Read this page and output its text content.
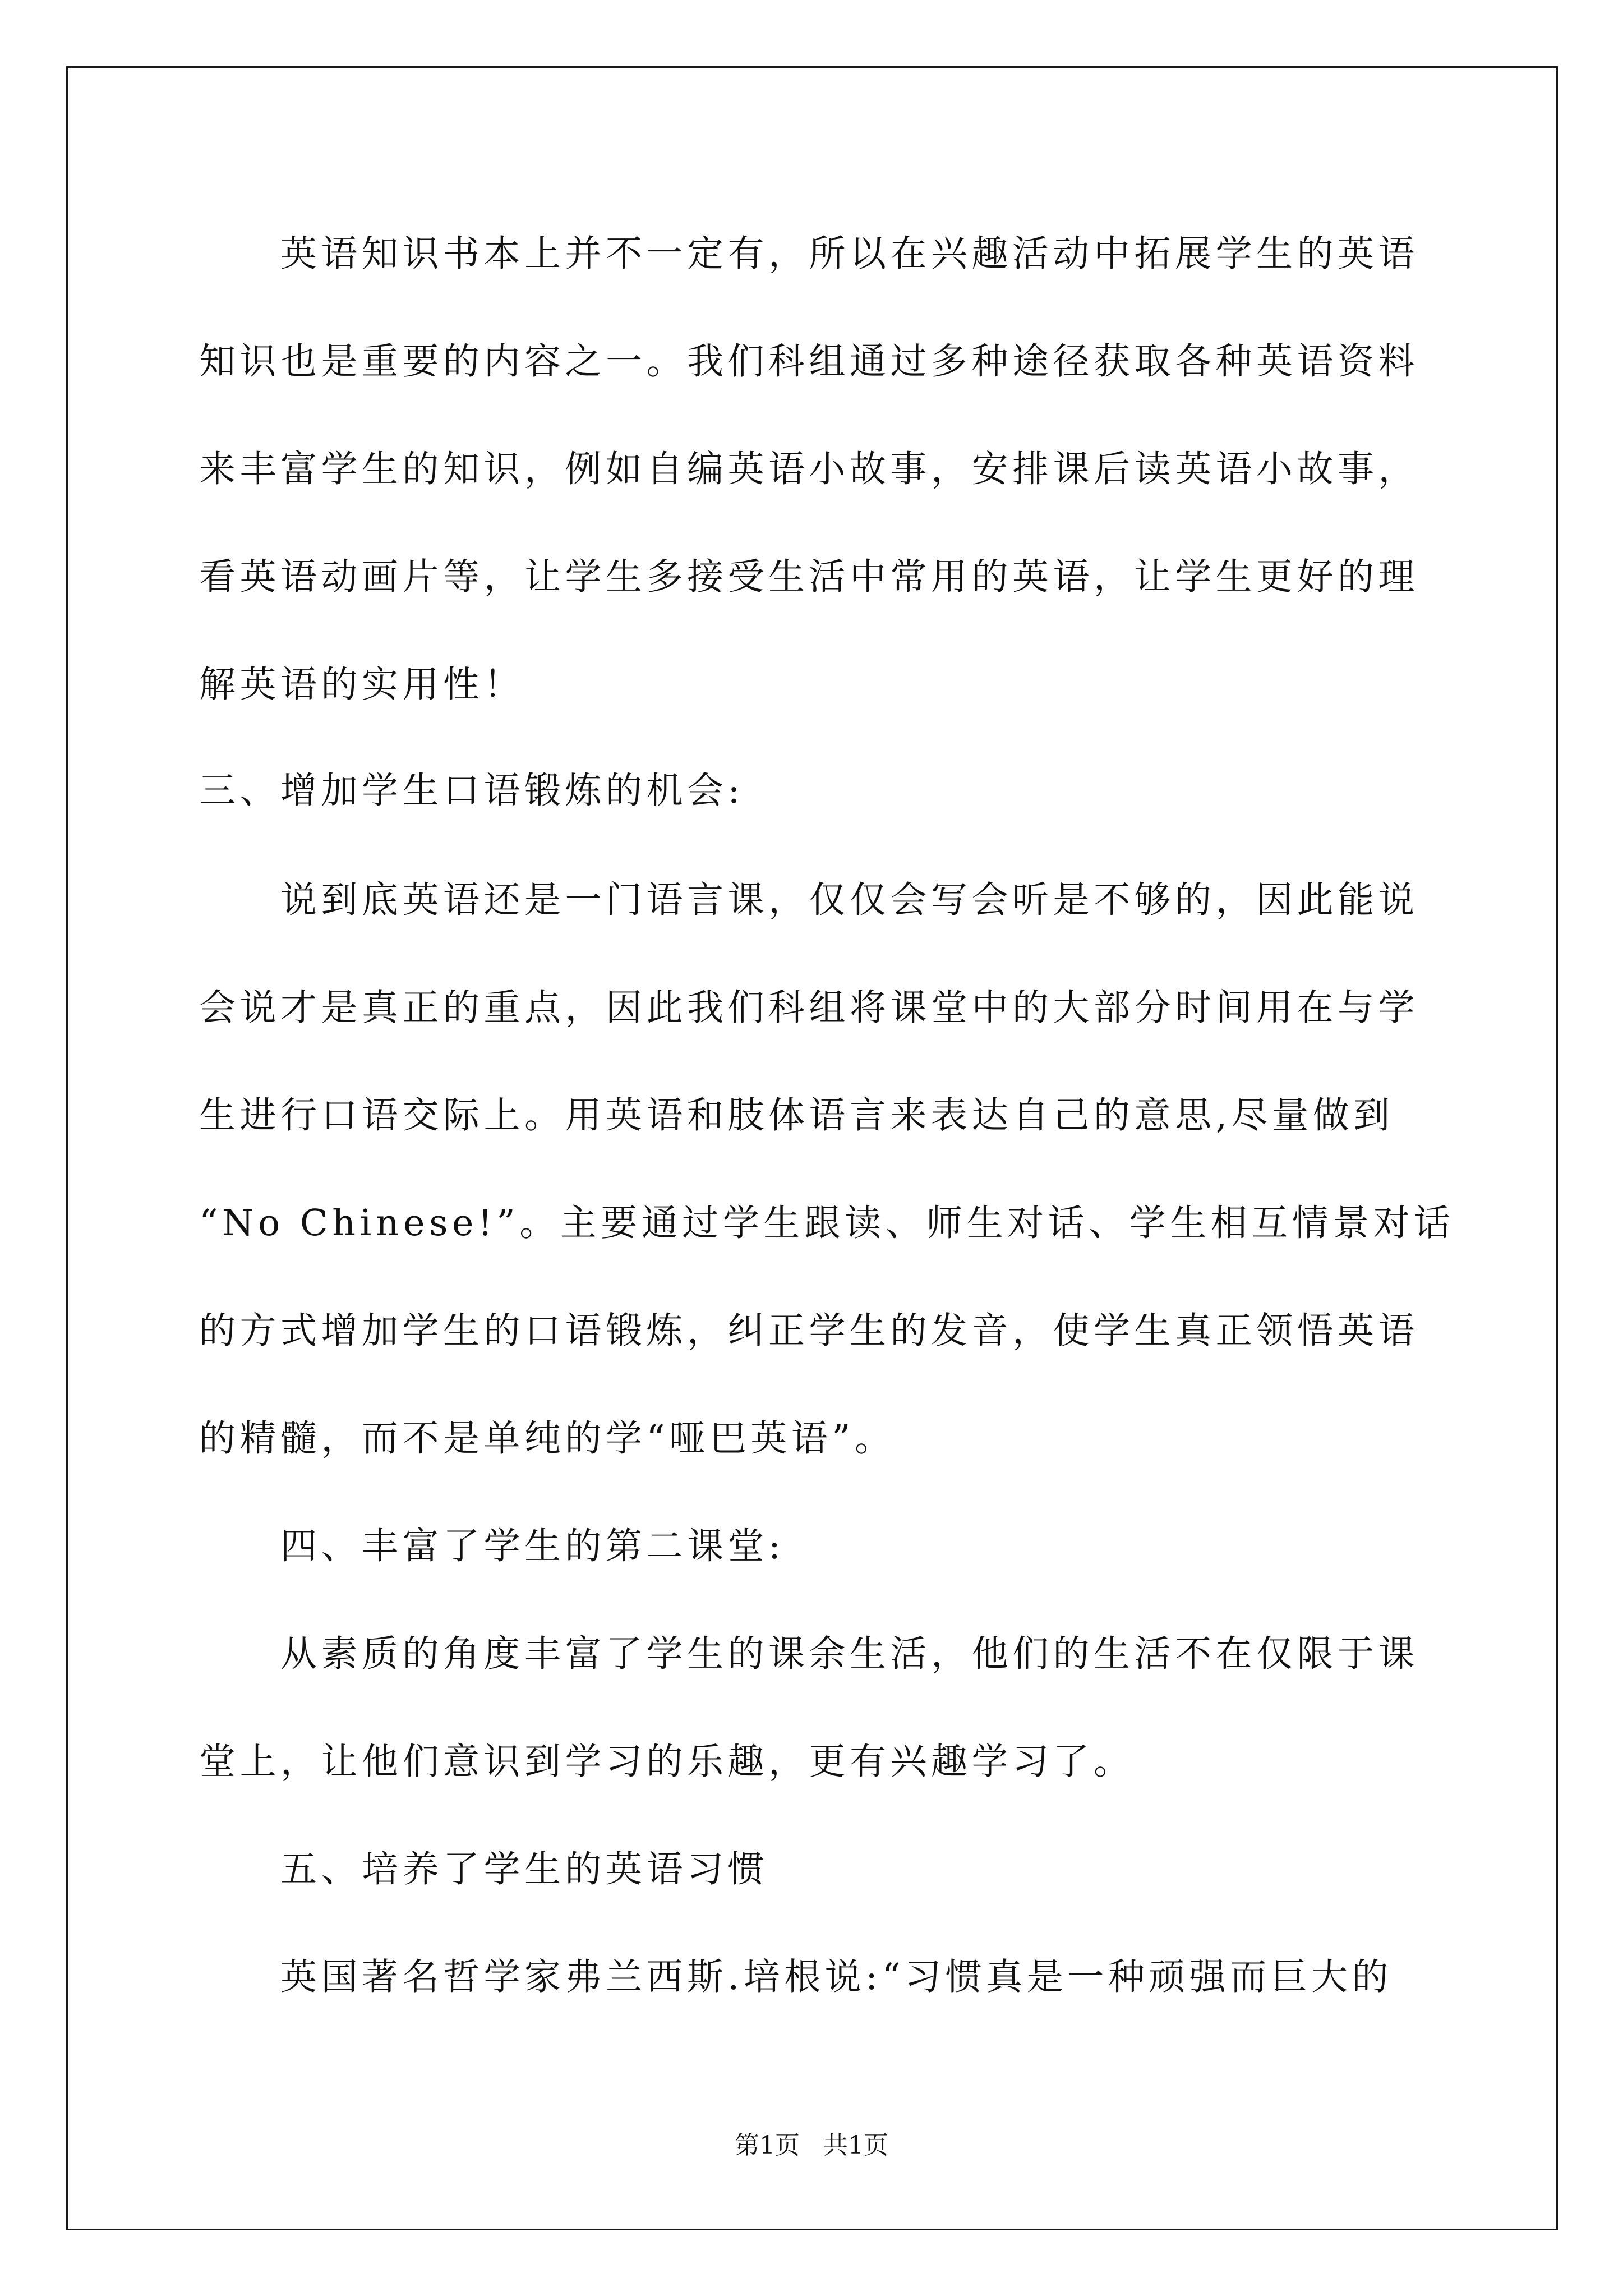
　　英语知识书本上并不一定有，所以在兴趣活动中拓展学生的英语
知识也是重要的内容之一。我们科组通过多种途径获取各种英语资料
来丰富学生的知识，例如自编英语小故事，安排课后读英语小故事，
看英语动画片等，让学生多接受生活中常用的英语，让学生更好的理
解英语的实用性！
三、增加学生口语锻炼的机会:
　　说到底英语还是一门语言课，仅仅会写会听是不够的，因此能说
会说才是真正的重点，因此我们科组将课堂中的大部分时间用在与学
生进行口语交际上。用英语和肢体语言来表达自己的意思,尽量做到
“No Chinese!”。主要通过学生跟读、师生对话、学生相互情景对话
的方式增加学生的口语锻炼，纠正学生的发音，使学生真正领悟英语
的精髓，而不是单纯的学“哑巴英语”。
　　四、丰富了学生的第二课堂:
　　从素质的角度丰富了学生的课余生活，他们的生活不在仅限于课
堂上，让他们意识到学习的乐趣，更有兴趣学习了。
　　五、培养了学生的英语习惯
　　英国著名哲学家弗兰西斯.培根说:“习惯真是一种顽强而巨大的
第1页   共1页
